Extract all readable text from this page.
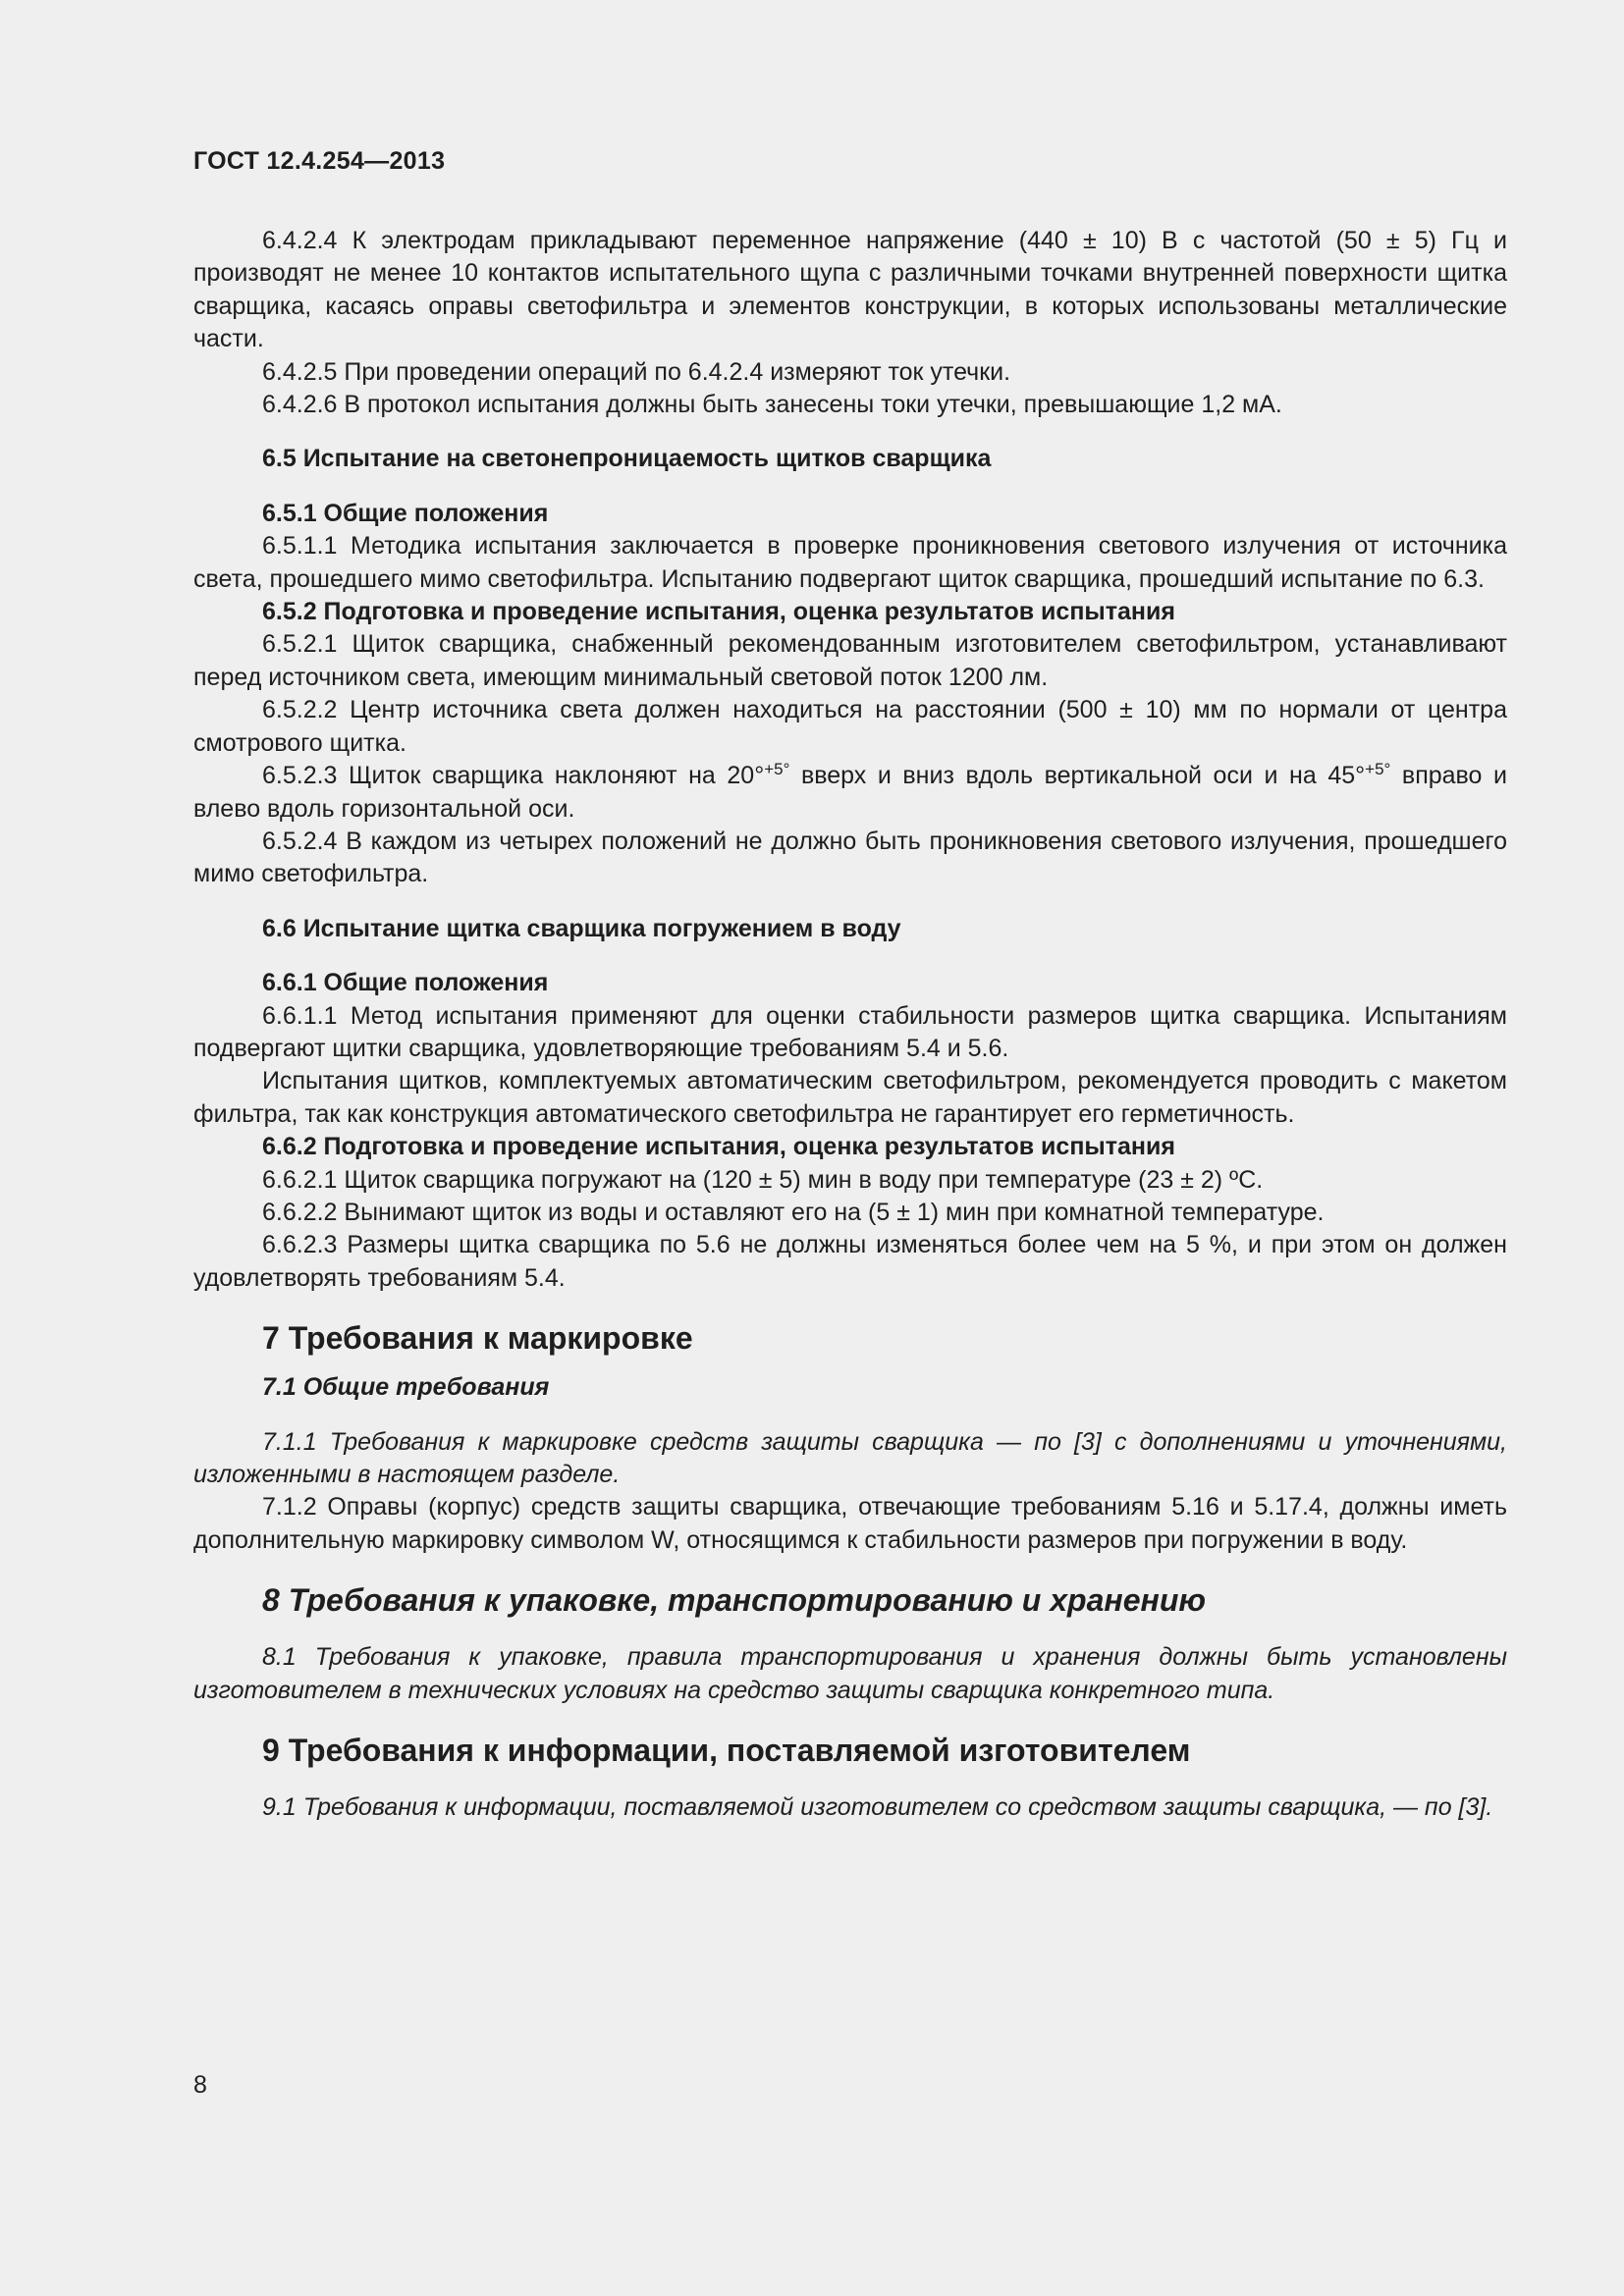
ГОСТ 12.4.254—2013

6.4.2.4 К электродам прикладывают переменное напряжение (440 ± 10) В с частотой (50 ± 5) Гц и производят не менее 10 контактов испытательного щупа с различными точками внутренней поверхности щитка сварщика, касаясь оправы светофильтра и элементов конструкции, в которых использованы металлические части.

6.4.2.5 При проведении операций по 6.4.2.4 измеряют ток утечки.

6.4.2.6 В протокол испытания должны быть занесены токи утечки, превышающие 1,2 мА.

6.5 Испытание на светонепроницаемость щитков сварщика

6.5.1 Общие положения

6.5.1.1 Методика испытания заключается в проверке проникновения светового излучения от источника света, прошедшего мимо светофильтра. Испытанию подвергают щиток сварщика, прошедший испытание по 6.3.

6.5.2 Подготовка и проведение испытания, оценка результатов испытания

6.5.2.1 Щиток сварщика, снабженный рекомендованным изготовителем светофильтром, устанавливают перед источником света, имеющим минимальный световой поток 1200 лм.

6.5.2.2 Центр источника света должен находиться на расстоянии (500 ± 10) мм по нормали от центра смотрового щитка.

6.5.2.3 Щиток сварщика наклоняют на 20°$^{+5^\circ}$ вверх и вниз вдоль вертикальной оси и на 45°$^{+5^\circ}$ вправо и влево вдоль горизонтальной оси.

6.5.2.4 В каждом из четырех положений не должно быть проникновения светового излучения, прошедшего мимо светофильтра.

6.6 Испытание щитка сварщика погружением в воду

6.6.1 Общие положения

6.6.1.1 Метод испытания применяют для оценки стабильности размеров щитка сварщика. Испытаниям подвергают щитки сварщика, удовлетворяющие требованиям 5.4 и 5.6.

Испытания щитков, комплектуемых автоматическим светофильтром, рекомендуется проводить с макетом фильтра, так как конструкция автоматического светофильтра не гарантирует его герметичность.

6.6.2 Подготовка и проведение испытания, оценка результатов испытания

6.6.2.1 Щиток сварщика погружают на (120 ± 5) мин в воду при температуре (23 ± 2) ºС.

6.6.2.2 Вынимают щиток из воды и оставляют его на (5 ± 1) мин при комнатной температуре.

6.6.2.3 Размеры щитка сварщика по 5.6 не должны изменяться более чем на 5 %, и при этом он должен удовлетворять требованиям 5.4.

7 Требования к маркировке

7.1 Общие требования

7.1.1 Требования к маркировке средств защиты сварщика — по [3] с дополнениями и уточнениями, изложенными в настоящем разделе.

7.1.2 Оправы (корпус) средств защиты сварщика, отвечающие требованиям 5.16 и 5.17.4, должны иметь дополнительную маркировку символом W, относящимся к стабильности размеров при погружении в воду.

8 Требования к упаковке, транспортированию и хранению

8.1 Требования к упаковке, правила транспортирования и хранения должны быть установлены изготовителем в технических условиях на средство защиты сварщика конкретного типа.

9 Требования к информации, поставляемой изготовителем

9.1 Требования к информации, поставляемой изготовителем со средством защиты сварщика, — по [3].

8
